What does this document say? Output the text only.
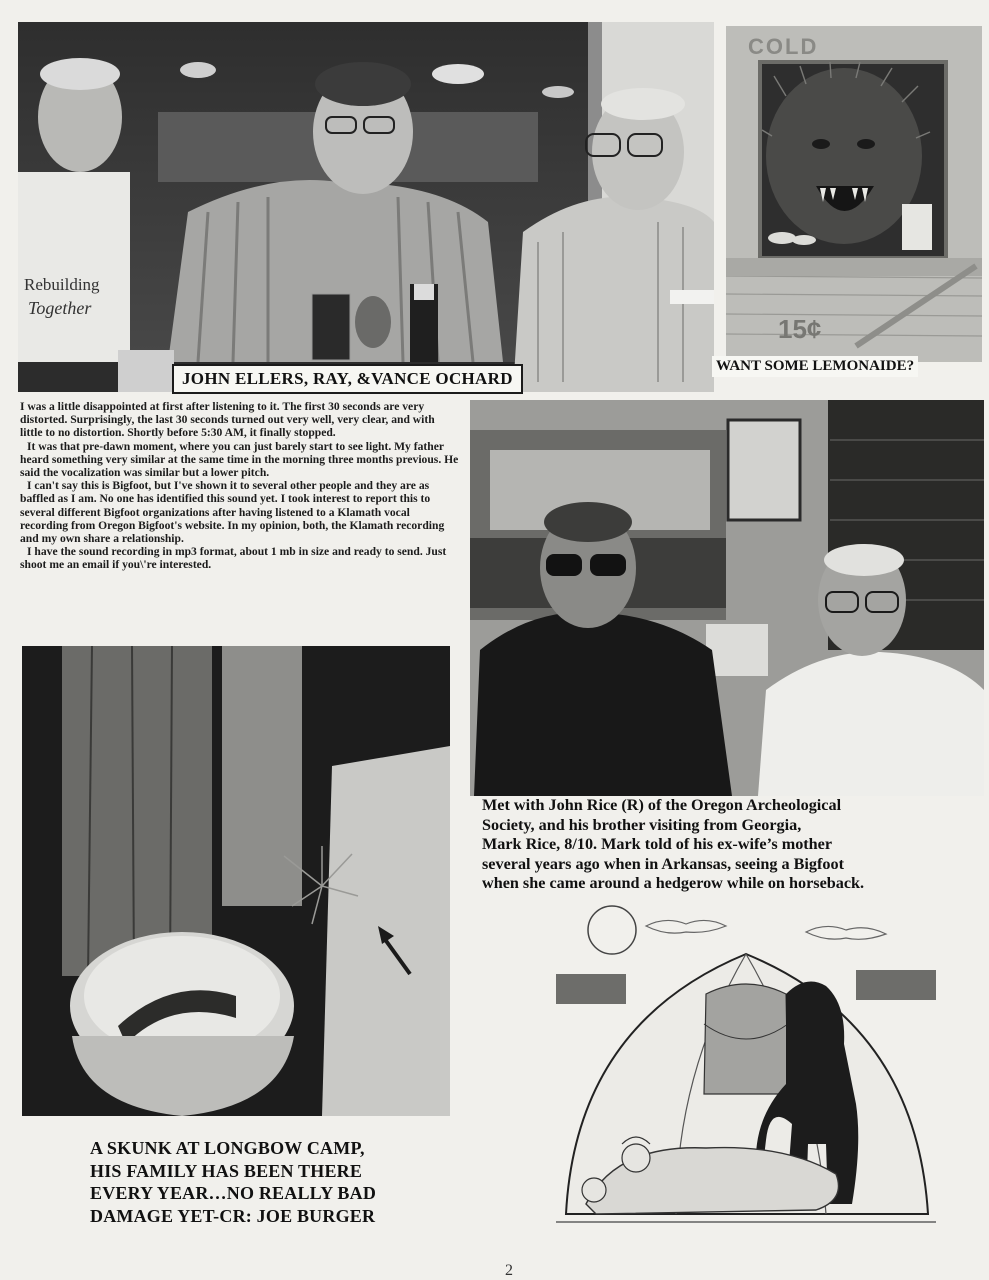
Rebuilding
Together
JOHN ELLERS, RAY, &VANCE OCHARD
COLD
15¢
WANT SOME LEMONAIDE?

I was a little disappointed at first after listening to it. The first 30 seconds are very distorted. Surprisingly, the last 30 seconds turned out very well, very clear, and with little to no distortion. Shortly before 5:30 AM, it finally stopped.

It was that pre-dawn moment, where you can just barely start to see light. My father heard something very similar at the same time in the morning three months previous. He said the vocalization was similar but a lower pitch.

I can't say this is Bigfoot, but I've shown it to several other people and they are as baffled as I am. No one has identified this sound yet. I took interest to report this to several different Bigfoot organizations after having listened to a Klamath vocal recording from Oregon Bigfoot's website. In my opinion, both, the Klamath recording and my own share a relationship.

I have the sound recording in mp3 format, about 1 mb in size and ready to send. Just shoot me an email if you\'re interested.

Met with John Rice (R) of the Oregon Archeological
Society, and his brother visiting from Georgia,
Mark Rice, 8/10. Mark told of his ex-wife’s mother
several years ago when in Arkansas, seeing a Bigfoot
when she came around a hedgerow while on horseback.
A SKUNK AT LONGBOW CAMP,
HIS FAMILY HAS BEEN THERE
EVERY YEAR…NO REALLY BAD
DAMAGE YET-CR: JOE BURGER
2
